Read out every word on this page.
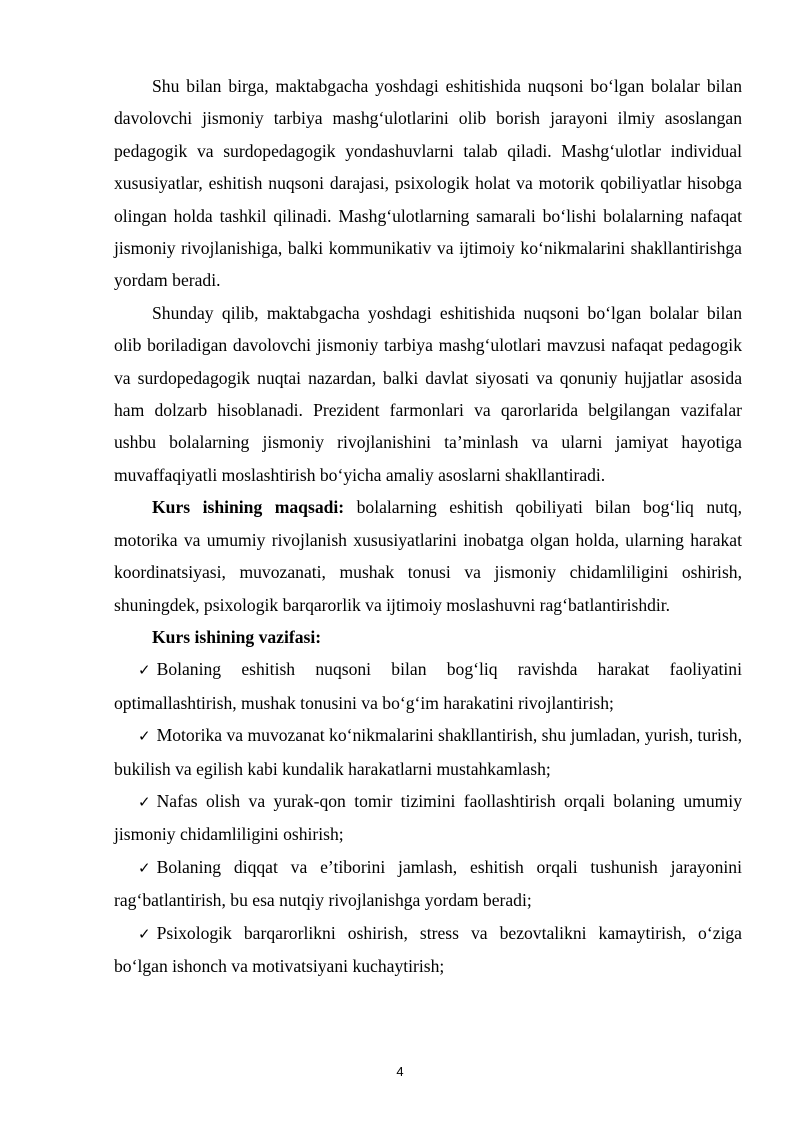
Shu bilan birga, maktabgacha yoshdagi eshitishida nuqsoni bo‘lgan bolalar bilan davolovchi jismoniy tarbiya mashg‘ulotlarini olib borish jarayoni ilmiy asoslangan pedagogik va surdopedagogik yondashuvlarni talab qiladi. Mashg‘ulotlar individual xususiyatlar, eshitish nuqsoni darajasi, psixologik holat va motorik qobiliyatlar hisobga olingan holda tashkil qilinadi. Mashg‘ulotlarning samarali bo‘lishi bolalarning nafaqat jismoniy rivojlanishiga, balki kommunikativ va ijtimoiy ko‘nikmalarini shakllantirishga yordam beradi.

Shunday qilib, maktabgacha yoshdagi eshitishida nuqsoni bo‘lgan bolalar bilan olib boriladigan davolovchi jismoniy tarbiya mashg‘ulotlari mavzusi nafaqat pedagogik va surdopedagogik nuqtai nazardan, balki davlat siyosati va qonuniy hujjatlar asosida ham dolzarb hisoblanadi. Prezident farmonlari va qarorlarida belgilangan vazifalar ushbu bolalarning jismoniy rivojlanishini ta’minlash va ularni jamiyat hayotiga muvaffaqiyatli moslashtirish bo‘yicha amaliy asoslarni shakllantiradi.

Kurs ishining maqsadi: bolalarning eshitish qobiliyati bilan bog‘liq nutq, motorika va umumiy rivojlanish xususiyatlarini inobatga olgan holda, ularning harakat koordinatsiyasi, muvozanati, mushak tonusi va jismoniy chidamliligini oshirish, shuningdek, psixologik barqarorlik va ijtimoiy moslashuvni rag‘batlantirishdir.

Kurs ishining vazifasi:

✓ Bolaning eshitish nuqsoni bilan bog‘liq ravishda harakat faoliyatini optimallashtirish, mushak tonusini va bo‘g‘im harakatini rivojlantirish;

✓ Motorika va muvozanat ko‘nikmalarini shakllantirish, shu jumladan, yurish, turish, bukilish va egilish kabi kundalik harakatlarni mustahkamlash;

✓ Nafas olish va yurak-qon tomir tizimini faollashtirish orqali bolaning umumiy jismoniy chidamliligini oshirish;

✓ Bolaning diqqat va e’tiborini jamlash, eshitish orqali tushunish jarayonini rag‘batlantirish, bu esa nutqiy rivojlanishga yordam beradi;

✓ Psixologik barqarorlikni oshirish, stress va bezovtalikni kamaytirish, o‘ziga bo‘lgan ishonch va motivatsiyani kuchaytirish;

4
